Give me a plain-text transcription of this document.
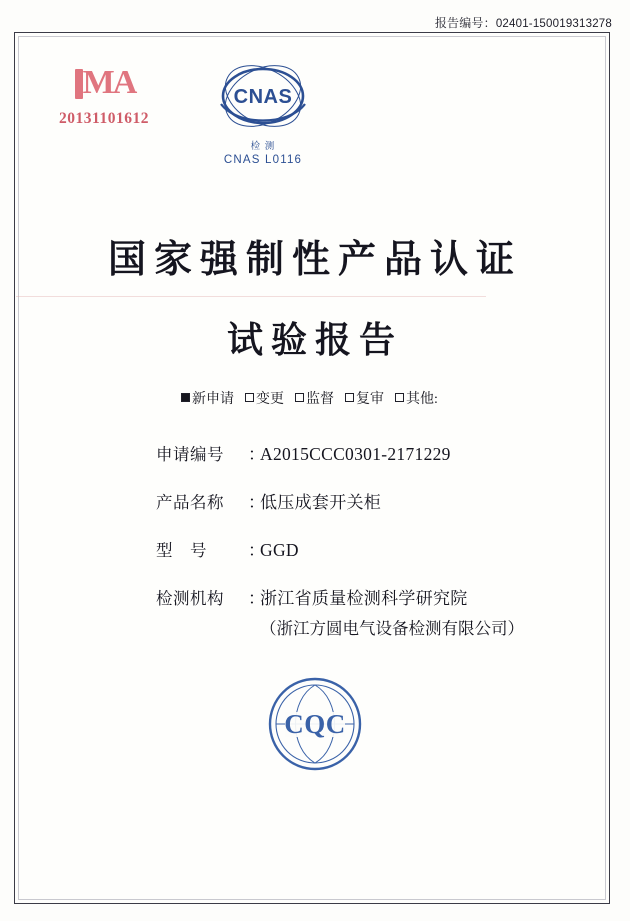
报告编号：02401-150019313278
MA
20131101612
CNAS
检 测
CNAS L0116
国家强制性产品认证
试验报告
新申请 变更 监督 复审 其他:
申请编号	：
A2015CCC0301-2171229
产品名称	：
低压成套开关柜
型　号	：
GGD
检测机构	：
浙江省质量检测科学研究院
（浙江方圆电气设备检测有限公司）
CQC
